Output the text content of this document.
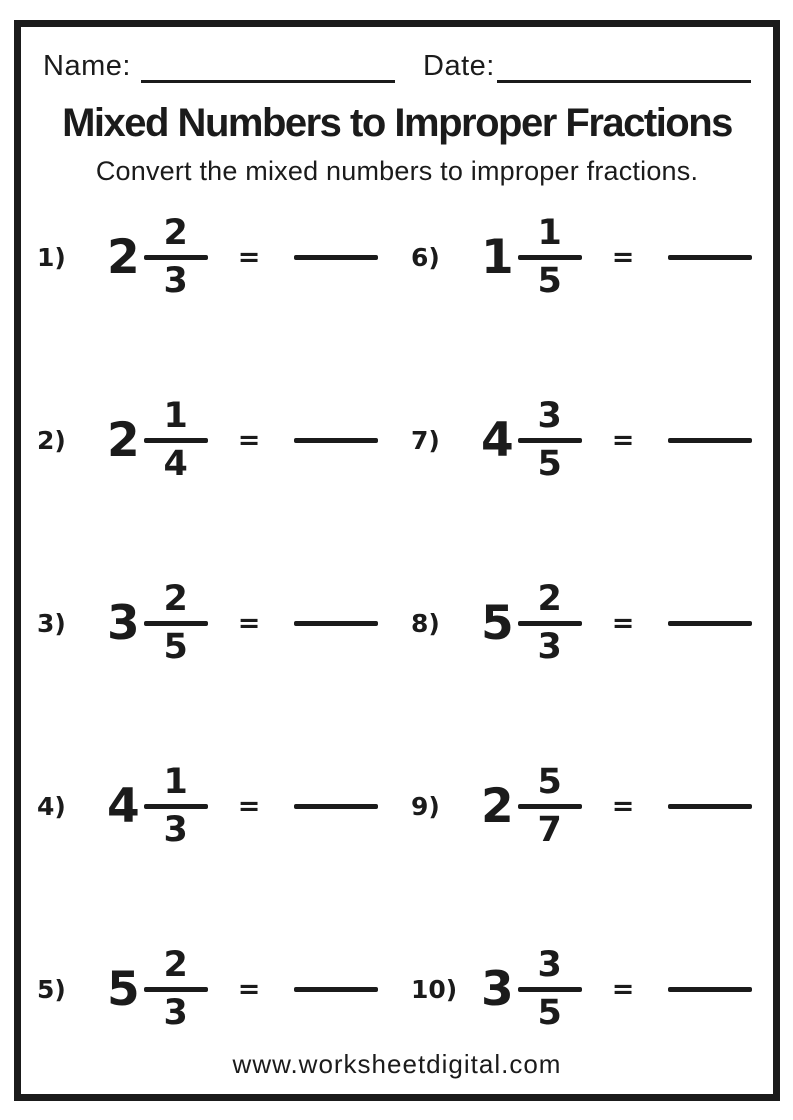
Name:	Date:
Mixed Numbers to Improper Fractions
Convert the mixed numbers to improper fractions.
1) 2 2
3
=
2) 2 1
4
=
3) 3 2
5
=
4) 4 1
3
=
5) 5 2
3
=
6) 1 1
5
=
7) 4 3
5
=
8) 5 2
3
=
9) 2 5
7
=
10) 3 3
5
=
www.worksheetdigital.com
